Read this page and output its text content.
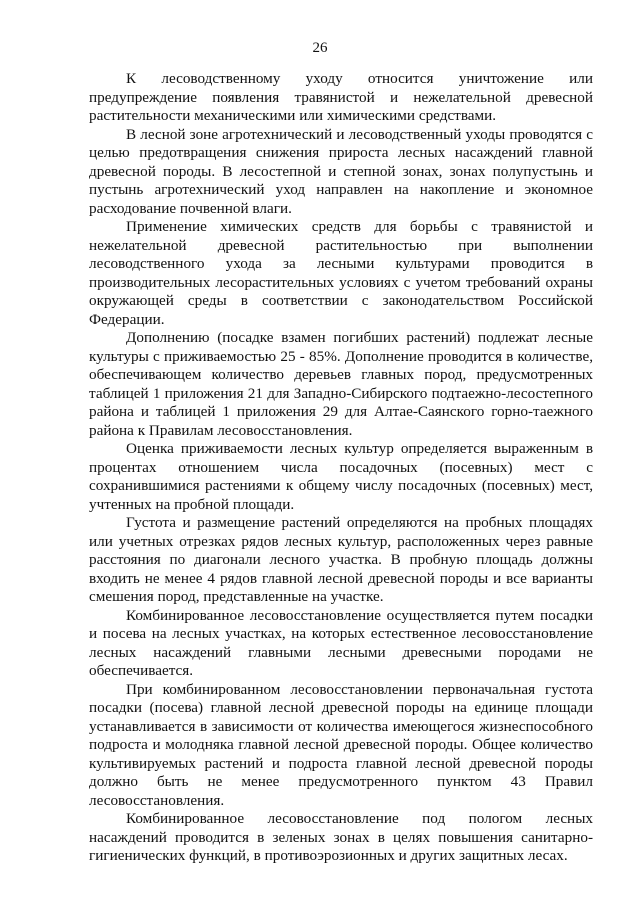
26

К лесоводственному уходу относится уничтожение или предупреждение появления травянистой и нежелательной древесной растительности механическими или химическими средствами.

В лесной зоне агротехнический и лесоводственный уходы проводятся с целью предотвращения снижения прироста лесных насаждений главной древесной породы. В лесостепной и степной зонах, зонах полупустынь и пустынь агротехнический уход направлен на накопление и экономное расходование почвенной влаги.

Применение химических средств для борьбы с травянистой и нежелательной древесной растительностью при выполнении лесоводственного ухода за лесными культурами проводится в производительных лесорастительных условиях с учетом требований охраны окружающей среды в соответствии с законодательством Российской Федерации.

Дополнению (посадке взамен погибших растений) подлежат лесные культуры с приживаемостью 25 - 85%. Дополнение проводится в количестве, обеспечивающем количество деревьев главных пород, предусмотренных таблицей 1 приложения 21 для Западно-Сибирского подтаежно-лесостепного района и таблицей 1 приложения 29 для Алтае-Саянского горно-таежного района к Правилам лесовосстановления.

Оценка приживаемости лесных культур определяется выраженным в процентах отношением числа посадочных (посевных) мест с сохранившимися растениями к общему числу посадочных (посевных) мест, учтенных на пробной площади.

Густота и размещение растений определяются на пробных площадях или учетных отрезках рядов лесных культур, расположенных через равные расстояния по диагонали лесного участка. В пробную площадь должны входить не менее 4 рядов главной лесной древесной породы и все варианты смешения пород, представленные на участке.

Комбинированное лесовосстановление осуществляется путем посадки и посева на лесных участках, на которых естественное лесовосстановление лесных насаждений главными лесными древесными породами не обеспечивается.

При комбинированном лесовосстановлении первоначальная густота посадки (посева) главной лесной древесной породы на единице площади устанавливается в зависимости от количества имеющегося жизнеспособного подроста и молодняка главной лесной древесной породы. Общее количество культивируемых растений и подроста главной лесной древесной породы должно быть не менее предусмотренного пунктом 43 Правил лесовосстановления.

Комбинированное лесовосстановление под пологом лесных насаждений проводится в зеленых зонах в целях повышения санитарно-гигиенических функций, в противоэрозионных и других защитных лесах.
